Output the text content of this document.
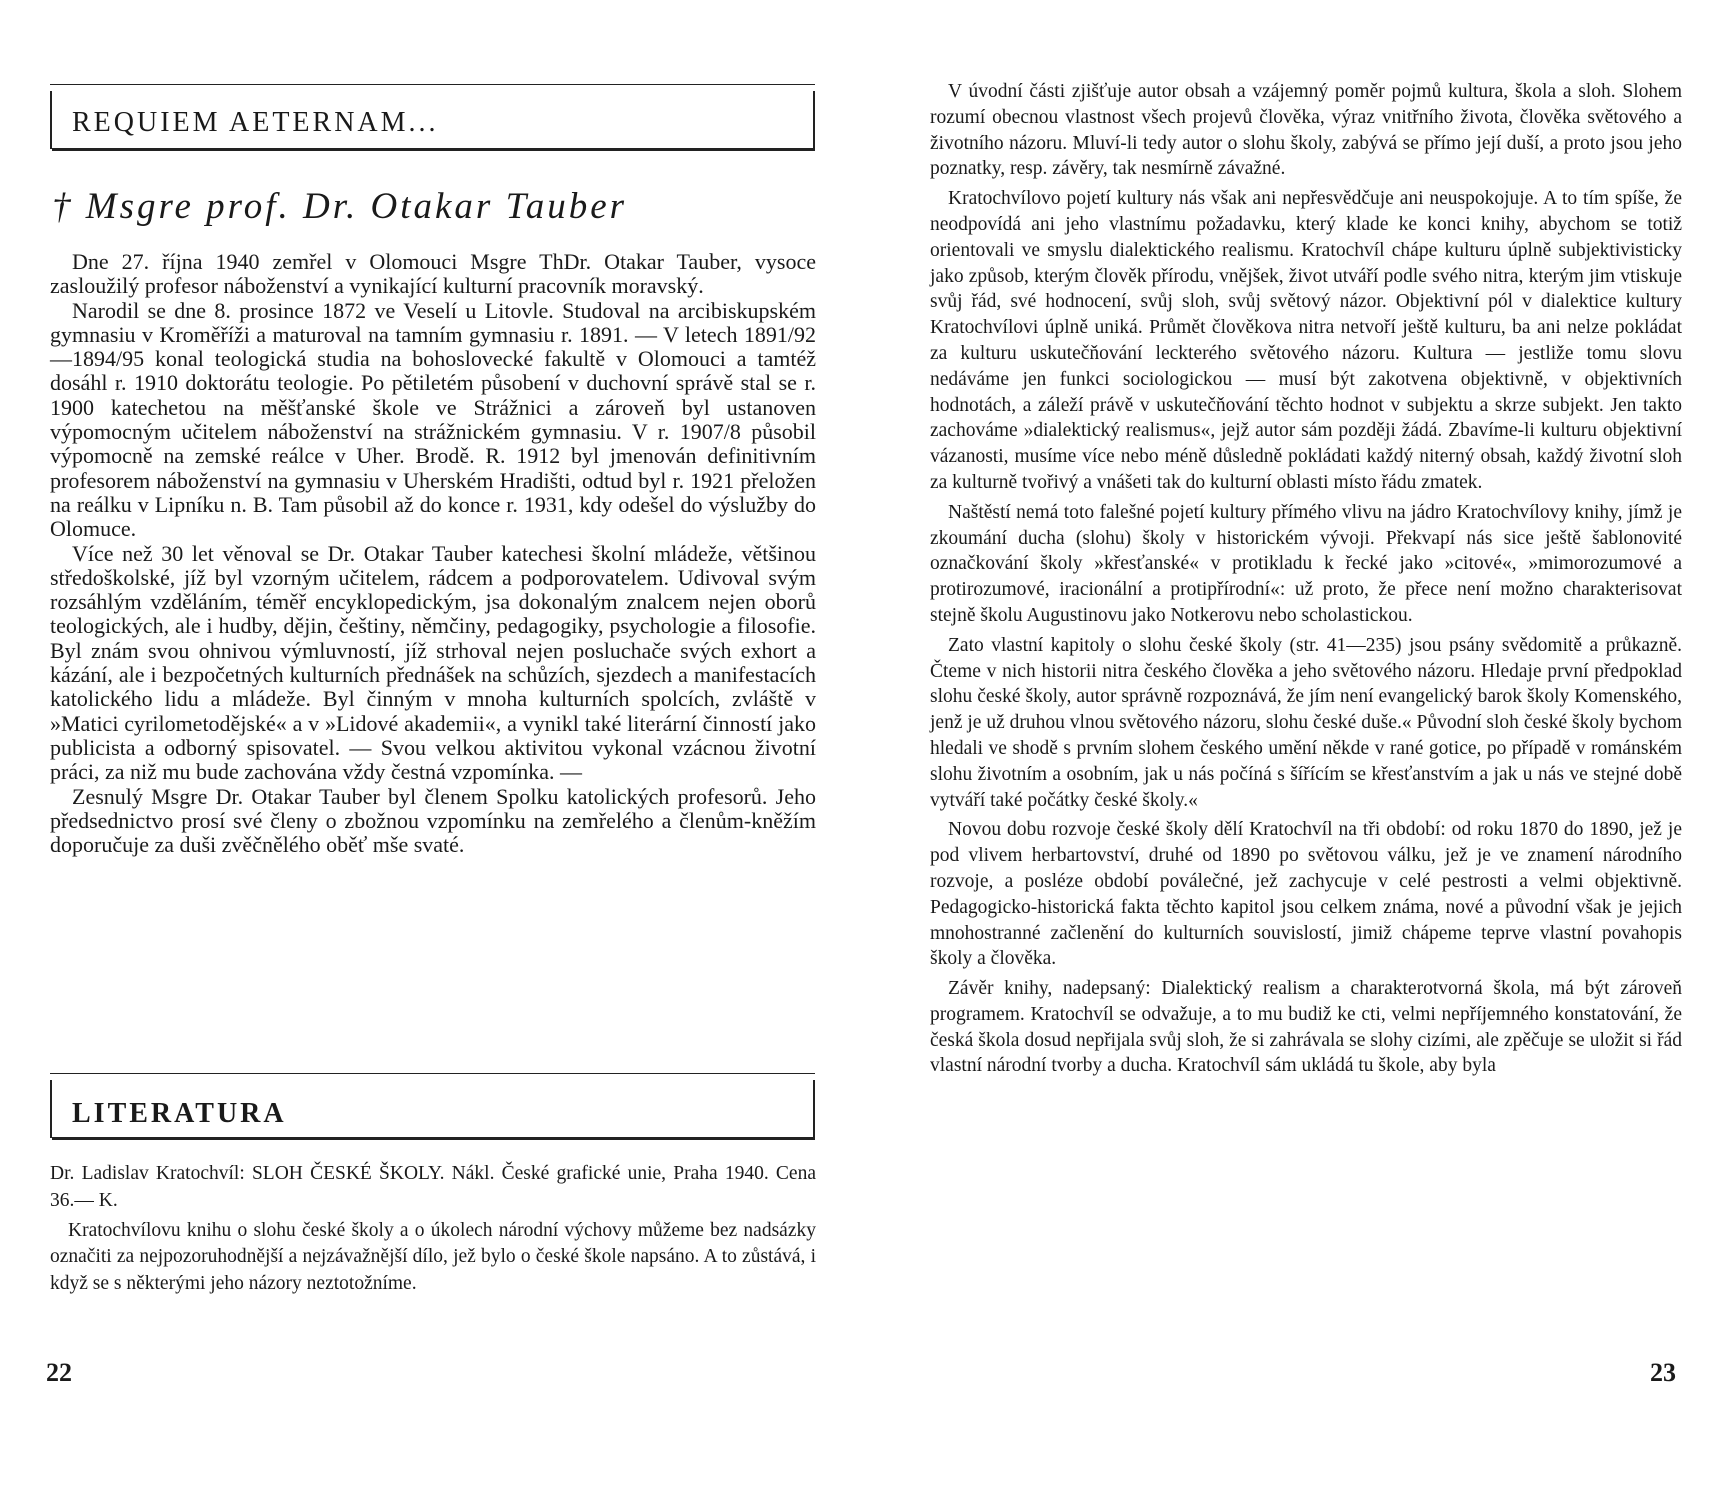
REQUIEM AETERNAM...
† Msgre prof. Dr. Otakar Tauber

Dne 27. října 1940 zemřel v Olomouci Msgre ThDr. Otakar Tauber, vysoce zasloužilý profesor náboženství a vynikající kulturní pracovník moravský.

Narodil se dne 8. prosince 1872 ve Veselí u Litovle. Studoval na arcibiskupském gymnasiu v Kroměříži a maturoval na tamním gymnasiu r. 1891. — V letech 1891/92—1894/95 konal teologická studia na bohoslovecké fakultě v Olomouci a tamtéž dosáhl r. 1910 doktorátu teologie. Po pětiletém působení v duchovní správě stal se r. 1900 katechetou na měšťanské škole ve Strážnici a zároveň byl ustanoven výpomocným učitelem náboženství na strážnickém gymnasiu. V r. 1907/8 působil výpomocně na zemské reálce v Uher. Brodě. R. 1912 byl jmenován definitivním profesorem náboženství na gymnasiu v Uherském Hradišti, odtud byl r. 1921 přeložen na reálku v Lipníku n. B. Tam působil až do konce r. 1931, kdy odešel do výslužby do Olomuce.

Více než 30 let věnoval se Dr. Otakar Tauber katechesi školní mládeže, většinou středoškolské, jíž byl vzorným učitelem, rádcem a podporovatelem. Udivoval svým rozsáhlým vzděláním, téměř encyklopedickým, jsa dokonalým znalcem nejen oborů teologických, ale i hudby, dějin, češtiny, němčiny, pedagogiky, psychologie a filosofie. Byl znám svou ohnivou výmluvností, jíž strhoval nejen posluchače svých exhort a kázání, ale i bezpočetných kulturních přednášek na schůzích, sjezdech a manifestacích katolického lidu a mládeže. Byl činným v mnoha kulturních spolcích, zvláště v »Matici cyrilometodějské« a v »Lidové akademii«, a vynikl také literární činností jako publicista a odborný spisovatel. — Svou velkou aktivitou vykonal vzácnou životní práci, za niž mu bude zachována vždy čestná vzpomínka. —

Zesnulý Msgre Dr. Otakar Tauber byl členem Spolku katolických profesorů. Jeho předsednictvo prosí své členy o zbožnou vzpomínku na zemřelého a členům-kněžím doporučuje za duši zvěčnělého oběť mše svaté.

LITERATURA

Dr. Ladislav Kratochvíl: SLOH ČESKÉ ŠKOLY. Nákl. České grafické unie, Praha 1940. Cena 36.— K.

Kratochvílovu knihu o slohu české školy a o úkolech národní výchovy můžeme bez nadsázky označiti za nejpozoruhodnější a nejzávažnější dílo, jež bylo o české škole napsáno. A to zůstává, i když se s některými jeho názory neztotožníme.

22

V úvodní části zjišťuje autor obsah a vzájemný poměr pojmů kultura, škola a sloh. Slohem rozumí obecnou vlastnost všech projevů člověka, výraz vnitřního života, člověka světového a životního názoru. Mluví-li tedy autor o slohu školy, zabývá se přímo její duší, a proto jsou jeho poznatky, resp. závěry, tak nesmírně závažné.

Kratochvílovo pojetí kultury nás však ani nepřesvědčuje ani neuspokojuje. A to tím spíše, že neodpovídá ani jeho vlastnímu požadavku, který klade ke konci knihy, abychom se totiž orientovali ve smyslu dialektického realismu. Kratochvíl chápe kulturu úplně subjektivisticky jako způsob, kterým člověk přírodu, vnějšek, život utváří podle svého nitra, kterým jim vtiskuje svůj řád, své hodnocení, svůj sloh, svůj světový názor. Objektivní pól v dialektice kultury Kratochvílovi úplně uniká. Průmět člověkova nitra netvoří ještě kulturu, ba ani nelze pokládat za kulturu uskutečňování leckterého světového názoru. Kultura — jestliže tomu slovu nedáváme jen funkci sociologickou — musí být zakotvena objektivně, v objektivních hodnotách, a záleží právě v uskutečňování těchto hodnot v subjektu a skrze subjekt. Jen takto zachováme »dialektický realismus«, jejž autor sám později žádá. Zbavíme-li kulturu objektivní vázanosti, musíme více nebo méně důsledně pokládati každý niterný obsah, každý životní sloh za kulturně tvořivý a vnášeti tak do kulturní oblasti místo řádu zmatek.

Naštěstí nemá toto falešné pojetí kultury přímého vlivu na jádro Kratochvílovy knihy, jímž je zkoumání ducha (slohu) školy v historickém vývoji. Překvapí nás sice ještě šablonovité označkování školy »křesťanské« v protikladu k řecké jako »citové«, »mimorozumové a protirozumové, iracionální a protipřírodní«: už proto, že přece není možno charakterisovat stejně školu Augustinovu jako Notkerovu nebo scholastickou.

Zato vlastní kapitoly o slohu české školy (str. 41—235) jsou psány svědomitě a průkazně. Čteme v nich historii nitra českého člověka a jeho světového názoru. Hledaje první předpoklad slohu české školy, autor správně rozpoznává, že jím není evangelický barok školy Komenského, jenž je už druhou vlnou světového názoru, slohu české duše.« Původní sloh české školy bychom hledali ve shodě s prvním slohem českého umění někde v rané gotice, po případě v románském slohu životním a osobním, jak u nás počíná s šířícím se křesťanstvím a jak u nás ve stejné době vytváří také počátky české školy.«

Novou dobu rozvoje české školy dělí Kratochvíl na tři období: od roku 1870 do 1890, jež je pod vlivem herbartovství, druhé od 1890 po světovou válku, jež je ve znamení národního rozvoje, a posléze období poválečné, jež zachycuje v celé pestrosti a velmi objektivně. Pedagogicko-historická fakta těchto kapitol jsou celkem známa, nové a původní však je jejich mnohostranné začlenění do kulturních souvislostí, jimiž chápeme teprve vlastní povahopis školy a člověka.

Závěr knihy, nadepsaný: Dialektický realism a charakterotvorná škola, má být zároveň programem. Kratochvíl se odvažuje, a to mu budiž ke cti, velmi nepříjemného konstatování, že česká škola dosud nepřijala svůj sloh, že si zahrávala se slohy cizími, ale zpěčuje se uložit si řád vlastní národní tvorby a ducha. Kratochvíl sám ukládá tu škole, aby byla

23
